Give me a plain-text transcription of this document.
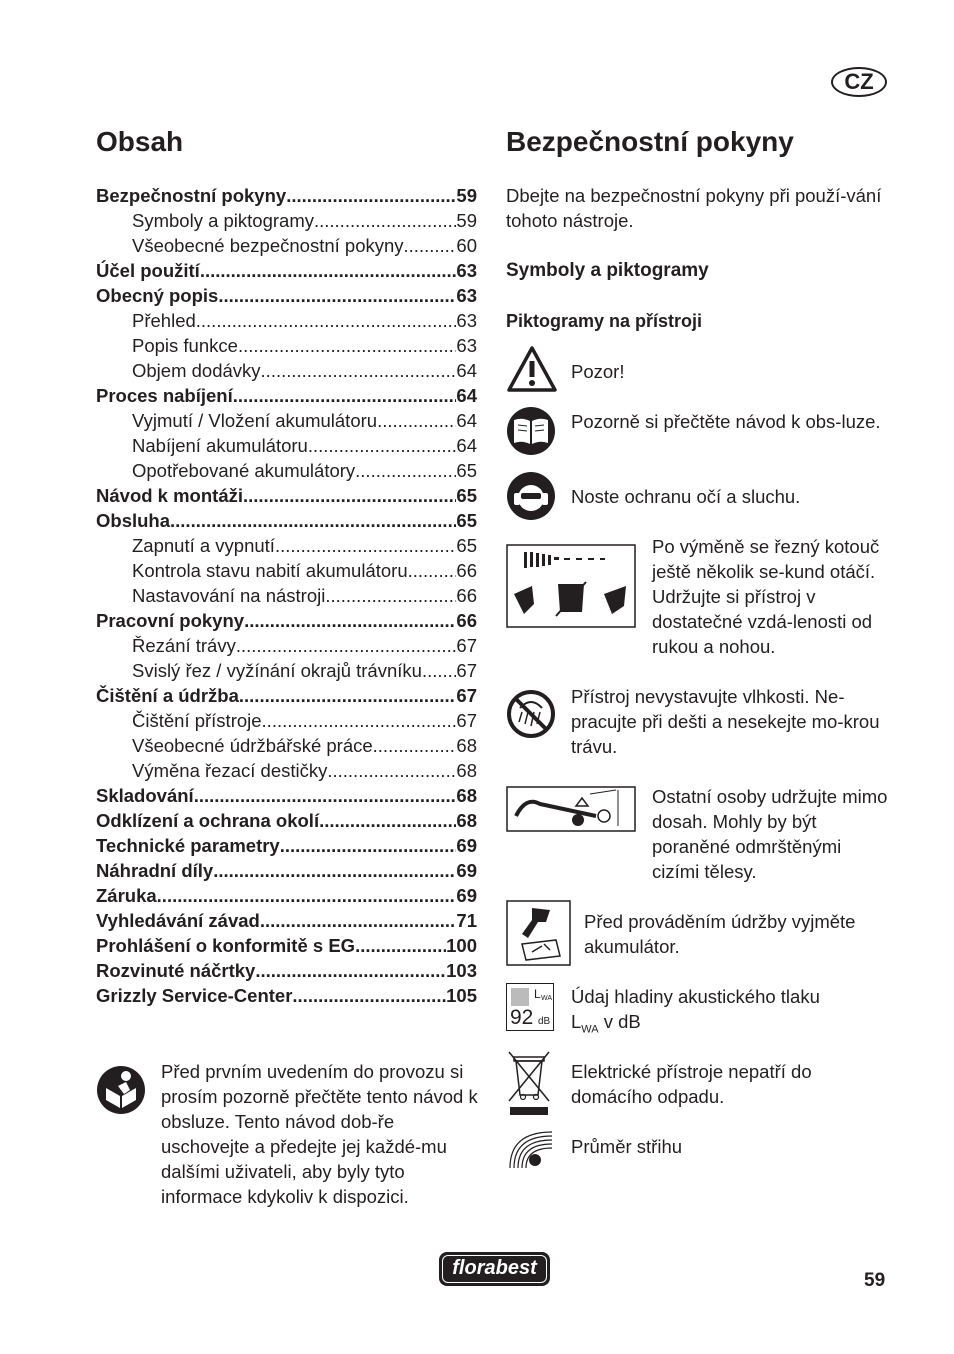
CZ
Obsah
Bezpečnostní pokyny .....	59
Symboly a piktogramy .....	59
Všeobecné bezpečnostní pokyny .....	60
Účel použití .....	63
Obecný popis .....	63
Přehled .....	63
Popis funkce .....	63
Objem dodávky .....	64
Proces nabíjení .....	64
Vyjmutí / Vložení akumulátoru .....	64
Nabíjení akumulátoru .....	64
Opotřebované akumulátory .....	65
Návod k montáži .....	65
Obsluha .....	65
Zapnutí a vypnutí .....	65
Kontrola stavu nabití akumulátoru .....	66
Nastavování na nástroji .....	66
Pracovní pokyny .....	66
Řezání trávy .....	67
Svislý řez / vyžínání okrajů trávníku ..... 67
Čištění a údržba .....	67
Čištění přístroje .....	67
Všeobecné údržbářské práce .....	68
Výměna řezací destičky .....	68
Skladování .....	68
Odklízení a ochrana okolí .....	68
Technické parametry .....	69
Náhradní díly .....	69
Záruka .....	69
Vyhledávání závad .....	71
Prohlášení o konformitě s EG .....	100
Rozvinuté náčrtky .....	103
Grizzly Service-Center .....	105
Před prvním uvedením do provozu si prosím pozorně přečtěte tento návod k obsluze. Tento návod dob-ře uschovejte a předejte jej každé-mu dalšími uživateli, aby byly tyto informace kdykoliv k dispozici.
Bezpečnostní pokyny
Dbejte na bezpečnostní pokyny při použí-vání tohoto nástroje.
Symboly a piktogramy
Piktogramy na přístroji
Pozor!
Pozorně si přečtěte návod k obs-luze.
Noste ochranu očí a sluchu.
Po výměně se řezný kotouč ještě několik se-kund otáčí. Udržujte si přístroj v dostatečné vzdá-lenosti od rukou a nohou.
Přístroj nevystavujte vlhkosti. Ne-pracujte při dešti a nesekejte mo-krou trávu.
Ostatní osoby udržujte mimo dosah. Mohly by být poraněné odmrštěnými cizími tělesy.
Před prováděním údržby vyjměte akumulátor.
L WA
92 dB
Údaj hladiny akustického tlaku
$L_{WA}$ v dB
Elektrické přístroje nepatří do domácího odpadu.
Průměr střihu
florabest
59
